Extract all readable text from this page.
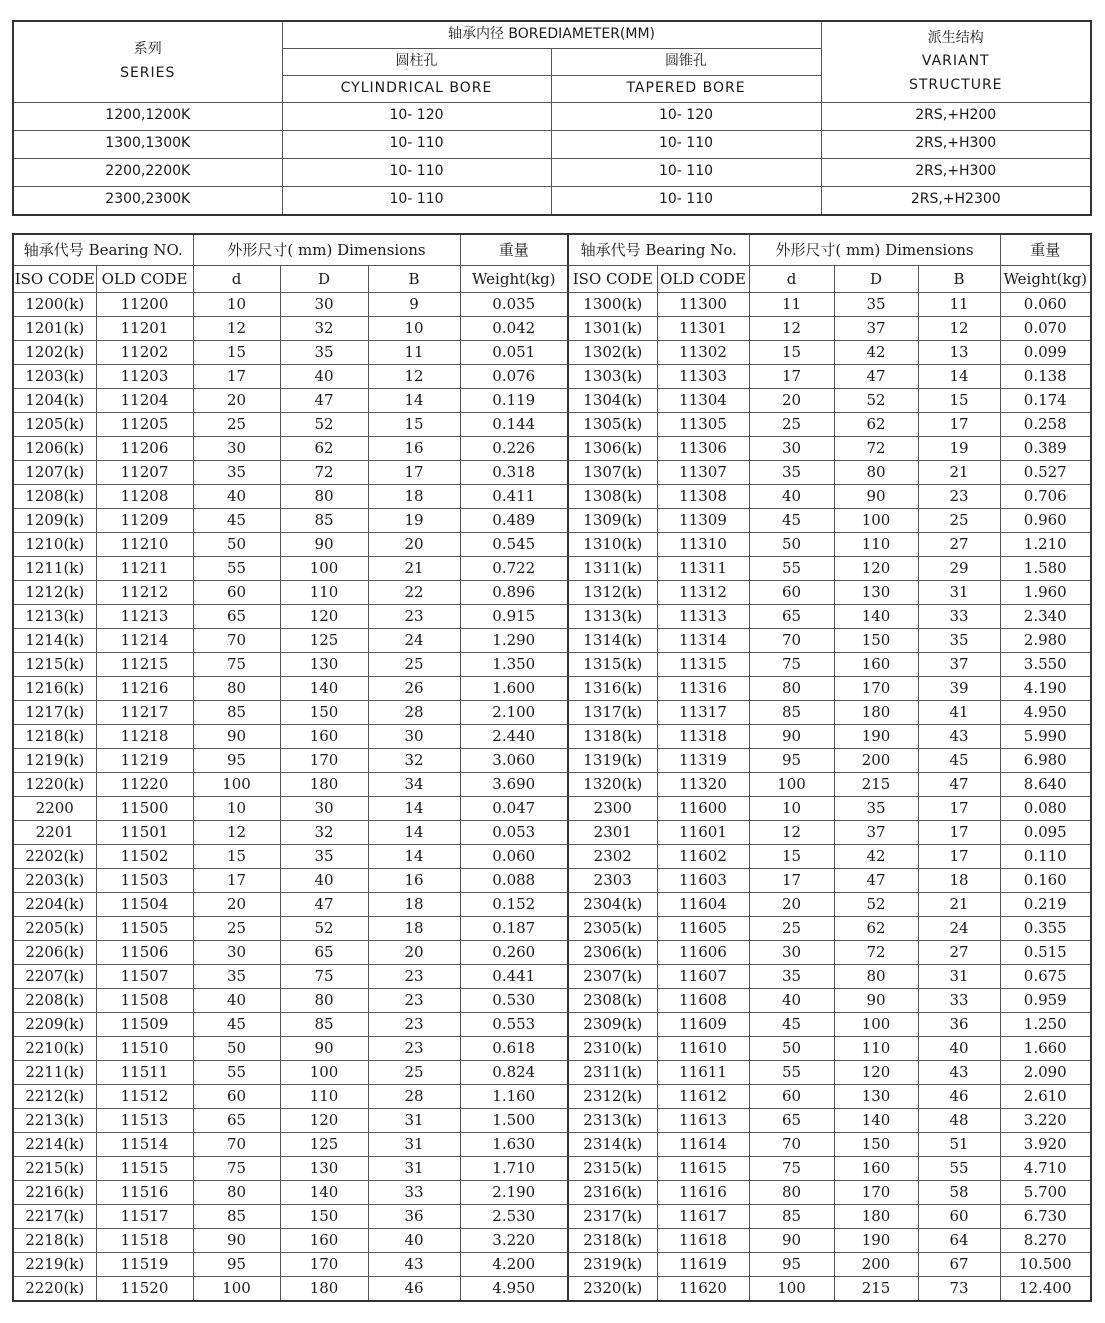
系列
SERIES	轴承内径 BOREDIAMETER(MM)		派生结构
VARIANT
STRUCTURE

	圆柱孔	圆锥孔	

	CYLINDRICAL BORE	TAPERED BORE	

1200,1200K	10- 120	10- 120	2RS,+H200
1300,1300K	10- 110	10- 110	2RS,+H300
2200,2200K	10- 110	10- 110	2RS,+H300
2300,2300K	10- 110	10- 110	2RS,+H2300
轴承代号 Bearing NO.		外形尺寸( mm) Dimensions			重量	轴承代号 Bearing No.		外形尺寸( mm) Dimensions			重量
ISO CODE	OLD CODE	d	D	B	Weight(kg)	ISO CODE	OLD CODE	d	D	B	Weight(kg)
1200(k)	11200	10	30	9	0.035	1300(k)	11300	11	35	11	0.060
1201(k)	11201	12	32	10	0.042	1301(k)	11301	12	37	12	0.070
1202(k)	11202	15	35	11	0.051	1302(k)	11302	15	42	13	0.099
1203(k)	11203	17	40	12	0.076	1303(k)	11303	17	47	14	0.138
1204(k)	11204	20	47	14	0.119	1304(k)	11304	20	52	15	0.174
1205(k)	11205	25	52	15	0.144	1305(k)	11305	25	62	17	0.258
1206(k)	11206	30	62	16	0.226	1306(k)	11306	30	72	19	0.389
1207(k)	11207	35	72	17	0.318	1307(k)	11307	35	80	21	0.527
1208(k)	11208	40	80	18	0.411	1308(k)	11308	40	90	23	0.706
1209(k)	11209	45	85	19	0.489	1309(k)	11309	45	100	25	0.960
1210(k)	11210	50	90	20	0.545	1310(k)	11310	50	110	27	1.210
1211(k)	11211	55	100	21	0.722	1311(k)	11311	55	120	29	1.580
1212(k)	11212	60	110	22	0.896	1312(k)	11312	60	130	31	1.960
1213(k)	11213	65	120	23	0.915	1313(k)	11313	65	140	33	2.340
1214(k)	11214	70	125	24	1.290	1314(k)	11314	70	150	35	2.980
1215(k)	11215	75	130	25	1.350	1315(k)	11315	75	160	37	3.550
1216(k)	11216	80	140	26	1.600	1316(k)	11316	80	170	39	4.190
1217(k)	11217	85	150	28	2.100	1317(k)	11317	85	180	41	4.950
1218(k)	11218	90	160	30	2.440	1318(k)	11318	90	190	43	5.990
1219(k)	11219	95	170	32	3.060	1319(k)	11319	95	200	45	6.980
1220(k)	11220	100	180	34	3.690	1320(k)	11320	100	215	47	8.640
2200	11500	10	30	14	0.047	2300	11600	10	35	17	0.080
2201	11501	12	32	14	0.053	2301	11601	12	37	17	0.095
2202(k)	11502	15	35	14	0.060	2302	11602	15	42	17	0.110
2203(k)	11503	17	40	16	0.088	2303	11603	17	47	18	0.160
2204(k)	11504	20	47	18	0.152	2304(k)	11604	20	52	21	0.219
2205(k)	11505	25	52	18	0.187	2305(k)	11605	25	62	24	0.355
2206(k)	11506	30	65	20	0.260	2306(k)	11606	30	72	27	0.515
2207(k)	11507	35	75	23	0.441	2307(k)	11607	35	80	31	0.675
2208(k)	11508	40	80	23	0.530	2308(k)	11608	40	90	33	0.959
2209(k)	11509	45	85	23	0.553	2309(k)	11609	45	100	36	1.250
2210(k)	11510	50	90	23	0.618	2310(k)	11610	50	110	40	1.660
2211(k)	11511	55	100	25	0.824	2311(k)	11611	55	120	43	2.090
2212(k)	11512	60	110	28	1.160	2312(k)	11612	60	130	46	2.610
2213(k)	11513	65	120	31	1.500	2313(k)	11613	65	140	48	3.220
2214(k)	11514	70	125	31	1.630	2314(k)	11614	70	150	51	3.920
2215(k)	11515	75	130	31	1.710	2315(k)	11615	75	160	55	4.710
2216(k)	11516	80	140	33	2.190	2316(k)	11616	80	170	58	5.700
2217(k)	11517	85	150	36	2.530	2317(k)	11617	85	180	60	6.730
2218(k)	11518	90	160	40	3.220	2318(k)	11618	90	190	64	8.270
2219(k)	11519	95	170	43	4.200	2319(k)	11619	95	200	67	10.500
2220(k)	11520	100	180	46	4.950	2320(k)	11620	100	215	73	12.400
